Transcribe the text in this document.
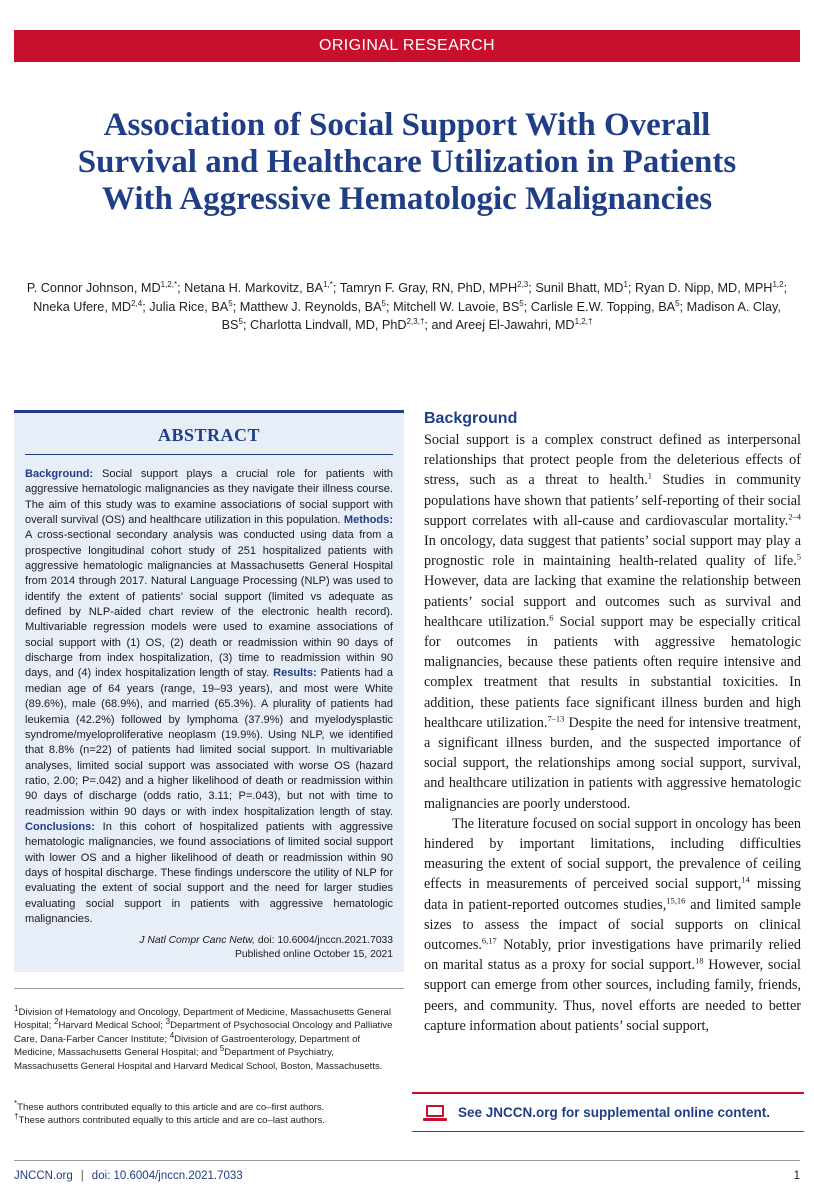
ORIGINAL RESEARCH
Association of Social Support With Overall Survival and Healthcare Utilization in Patients With Aggressive Hematologic Malignancies
P. Connor Johnson, $MD^{1,2,*}$; Netana H. Markovitz, $BA^{1,*}$; Tamryn F. Gray, RN, PhD, MPH$^{2,3}$; Sunil Bhatt, $MD^1$; Ryan D. Nipp, MD, MPH$^{1,2}$; Nneka Ufere, MD$^{2,4}$; Julia Rice, $BA^5$; Matthew J. Reynolds, $BA^5$; Mitchell W. Lavoie, $BS^5$; Carlisle E.W. Topping, $BA^5$; Madison A. Clay, $BS^5$; Charlotta Lindvall, MD, PhD$^{2,3,\dagger}$; and Areej El-Jawahri, $MD^{1,2,\dagger}$
ABSTRACT

Background: Social support plays a crucial role for patients with aggressive hematologic malignancies as they navigate their illness course. The aim of this study was to examine associations of social support with overall survival (OS) and healthcare utilization in this population. Methods: A cross-sectional secondary analysis was conducted using data from a prospective longitudinal cohort study of 251 hospitalized patients with aggressive hematologic malignancies at Massachusetts General Hospital from 2014 through 2017. Natural Language Processing (NLP) was used to identify the extent of patients’ social support (limited vs adequate as defined by NLP-aided chart review of the electronic health record). Multivariable regression models were used to examine associations of social support with (1) OS, (2) death or readmission within 90 days of discharge from index hospitalization, (3) time to readmission within 90 days, and (4) index hospitalization length of stay. Results: Patients had a median age of 64 years (range, 19–93 years), and most were White (89.6%), male (68.9%), and married (65.3%). A plurality of patients had leukemia (42.2%) followed by lymphoma (37.9%) and myelodysplastic syndrome/myeloproliferative neoplasm (19.9%). Using NLP, we identified that 8.8% (n=22) of patients had limited social support. In multivariable analyses, limited social support was associated with worse OS (hazard ratio, 2.00; P=.042) and a higher likelihood of death or readmission within 90 days of discharge (odds ratio, 3.11; P=.043), but not with time to readmission within 90 days or with index hospitalization length of stay. Conclusions: In this cohort of hospitalized patients with aggressive hematologic malignancies, we found associations of limited social support with lower OS and a higher likelihood of death or readmission within 90 days of hospital discharge. These findings underscore the utility of NLP for evaluating the extent of social support and the need for larger studies evaluating social support in patients with aggressive hematologic malignancies.

J Natl Compr Canc Netw, doi: 10.6004/jnccn.2021.7033
Published online October 15, 2021
$^1$Division of Hematology and Oncology, Department of Medicine, Massachusetts General Hospital; $^2$Harvard Medical School; $^3$Department of Psychosocial Oncology and Palliative Care, Dana-Farber Cancer Institute; $^4$Division of Gastroenterology, Department of Medicine, Massachusetts General Hospital; and $^5$Department of Psychiatry, Massachusetts General Hospital and Harvard Medical School, Boston, Massachusetts.
*These authors contributed equally to this article and are co–first authors.
†These authors contributed equally to this article and are co–last authors.
Background

Social support is a complex construct defined as interpersonal relationships that protect people from the deleterious effects of stress, such as a threat to health.$^1$ Studies in community populations have shown that patients’ self-reporting of their social support correlates with all-cause and cardiovascular mortality.$^{2-4}$ In oncology, data suggest that patients’ social support may play a prognostic role in maintaining health-related quality of life.$^5$ However, data are lacking that examine the relationship between patients’ social support and outcomes such as survival and healthcare utilization.$^6$ Social support may be especially critical for outcomes in patients with aggressive hematologic malignancies, because these patients often require intensive and complex treatment that results in substantial toxicities. In addition, these patients face significant illness burden and high healthcare utilization.$^{7-13}$ Despite the need for intensive treatment, a significant illness burden, and the suspected importance of social support, the relationships among social support, survival, and healthcare utilization in patients with aggressive hematologic malignancies are poorly understood.

The literature focused on social support in oncology has been hindered by important limitations, including difficulties measuring the extent of social support, the prevalence of ceiling effects in measurements of perceived social support,$^{14}$ missing data in patient-reported outcomes studies,$^{15,16}$ and limited sample sizes to assess the impact of social supports on clinical outcomes.$^{6,17}$ Notably, prior investigations have primarily relied on marital status as a proxy for social support.$^{18}$ However, social support can emerge from other sources, including family, friends, peers, and community. Thus, novel efforts are needed to better capture information about patients’ social support,

See JNCCN.org for supplemental online content.
JNCCN.org | doi: 10.6004/jnccn.2021.7033	1
